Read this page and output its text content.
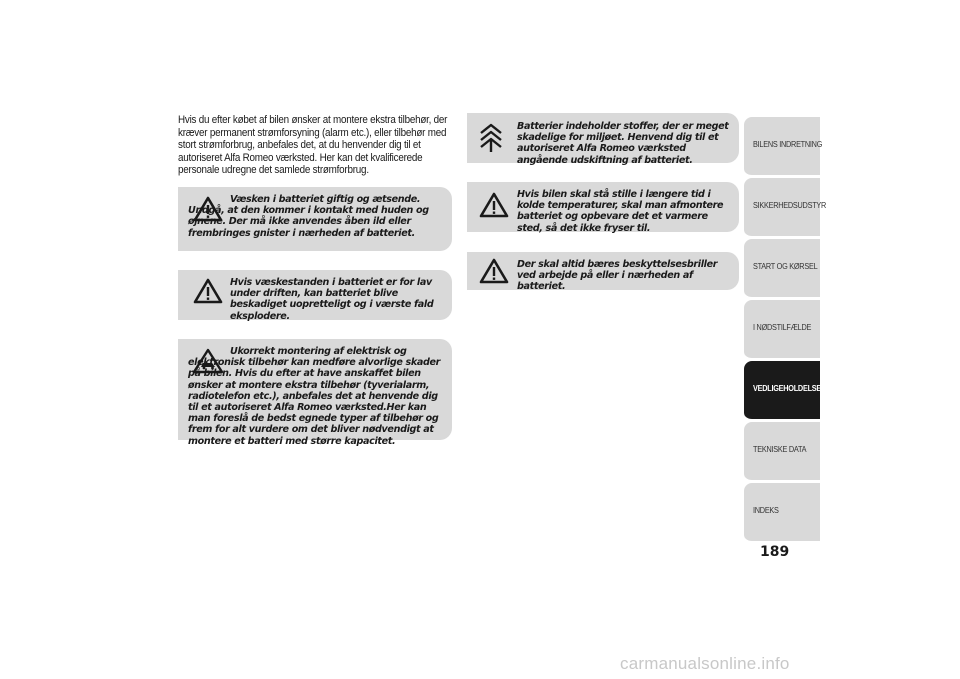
Hvis du efter købet af bilen ønsker at montere ekstra tilbehør, der kræver permanent strømforsyning (alarm etc.), eller tilbehør med stort strømforbrug, anbefales det, at du henvender dig til et autoriseret Alfa Romeo værksted. Her kan det kvalificerede personale udregne det samlede strømforbrug.
Væsken i batteriet giftig og ætsende. Undgå, at den kommer i kontakt med huden og øjnene. Der må ikke anvendes åben ild eller frembringes gnister i nærheden af batteriet.
Hvis væskestanden i batteriet er for lav under driften, kan batteriet blive beskadiget uopretteligt og i værste fald eksplodere.
Ukorrekt montering af elektrisk og elektronisk tilbehør kan medføre alvorlige skader på bilen. Hvis du efter at have anskaffet bilen ønsker at montere ekstra tilbehør (tyverialarm, radiotelefon etc.), anbefales det at henvende dig til et autoriseret Alfa Romeo værksted.Her kan man foreslå de bedst egnede typer af tilbehør og frem for alt vurdere om det bliver nødvendigt at montere et batteri med større kapacitet.
Batterier indeholder stoffer, der er meget skadelige for miljøet. Henvend dig til et autoriseret Alfa Romeo værksted angående udskiftning af batteriet.
Hvis bilen skal stå stille i længere tid i kolde temperaturer, skal man afmontere batteriet og opbevare det et varmere sted, så det ikke fryser til.
Der skal altid bæres beskyttelsesbriller ved arbejde på eller i nærheden af batteriet.
BILENS INDRETNING
SIKKERHEDSUDSTYR
START OG KØRSEL
I NØDSTILFÆLDE
VEDLIGEHOLDELSE
TEKNISKE DATA
INDEKS
189
carmanualsonline.info
